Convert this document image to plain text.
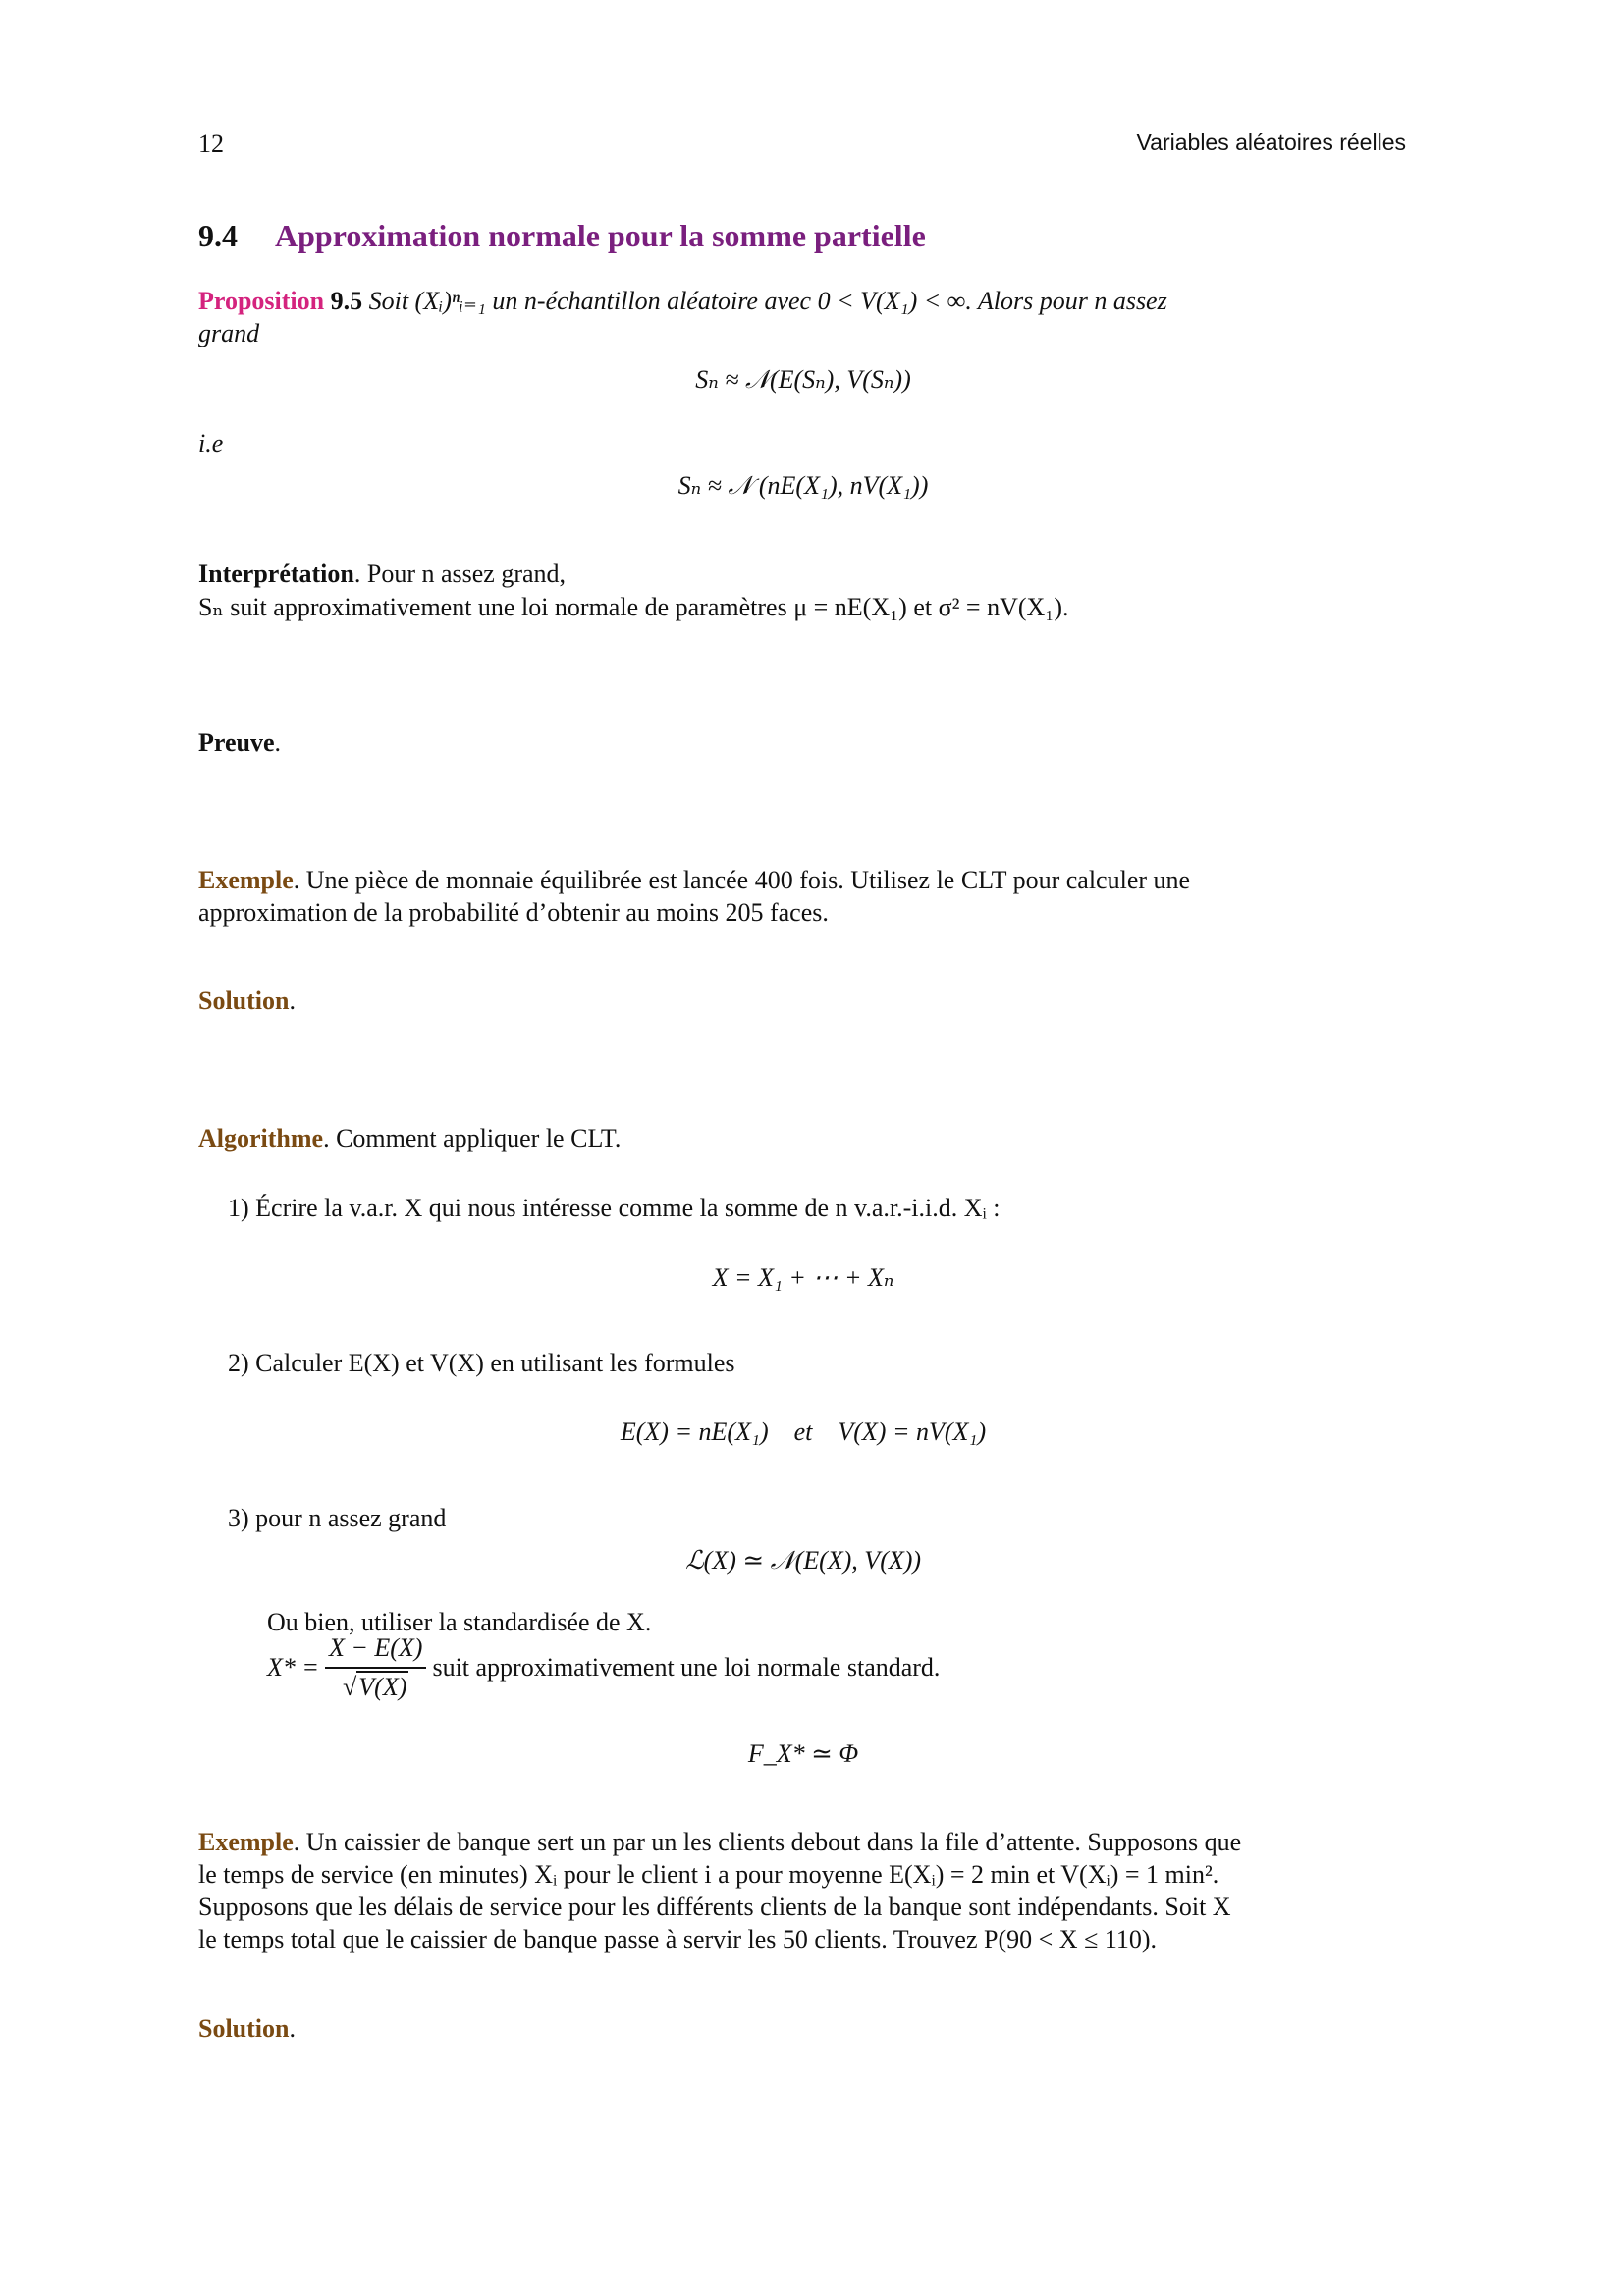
12	Variables aléatoires réelles
9.4 Approximation normale pour la somme partielle
Proposition 9.5 Soit (Xᵢ)ⁿᵢ₌₁ un n-échantillon aléatoire avec 0 < V(X₁) < ∞. Alors pour n assez
grand
Sₙ ≈ 𝒩(E(Sₙ), V(Sₙ))
i.e
Sₙ ≈ 𝒩 (nE(X₁), nV(X₁))
Interprétation. Pour n assez grand,
Sₙ suit approximativement une loi normale de paramètres μ = nE(X₁) et σ² = nV(X₁).
Preuve.
Exemple. Une pièce de monnaie équilibrée est lancée 400 fois. Utilisez le CLT pour calculer une
approximation de la probabilité d’obtenir au moins 205 faces.
Solution.
Algorithme. Comment appliquer le CLT.
1) Écrire la v.a.r. X qui nous intéresse comme la somme de n v.a.r.-i.i.d. Xᵢ :
X = X₁ + ⋯ + Xₙ
2) Calculer E(X) et V(X) en utilisant les formules
E(X) = nE(X₁)    et    V(X) = nV(X₁)
3) pour n assez grand
ℒ(X) ≃ 𝒩(E(X), V(X))
Ou bien, utiliser la standardisée de X.
$X* = \frac{X - E(X)}{√V(X)}$ suit approximativement une loi normale standard.
F_X* ≃ Φ
Exemple. Un caissier de banque sert un par un les clients debout dans la file d’attente. Supposons que
le temps de service (en minutes) Xᵢ pour le client i a pour moyenne E(Xᵢ) = 2 min et V(Xᵢ) = 1 min².
Supposons que les délais de service pour les différents clients de la banque sont indépendants. Soit X
le temps total que le caissier de banque passe à servir les 50 clients. Trouvez P(90 < X ≤ 110).
Solution.
